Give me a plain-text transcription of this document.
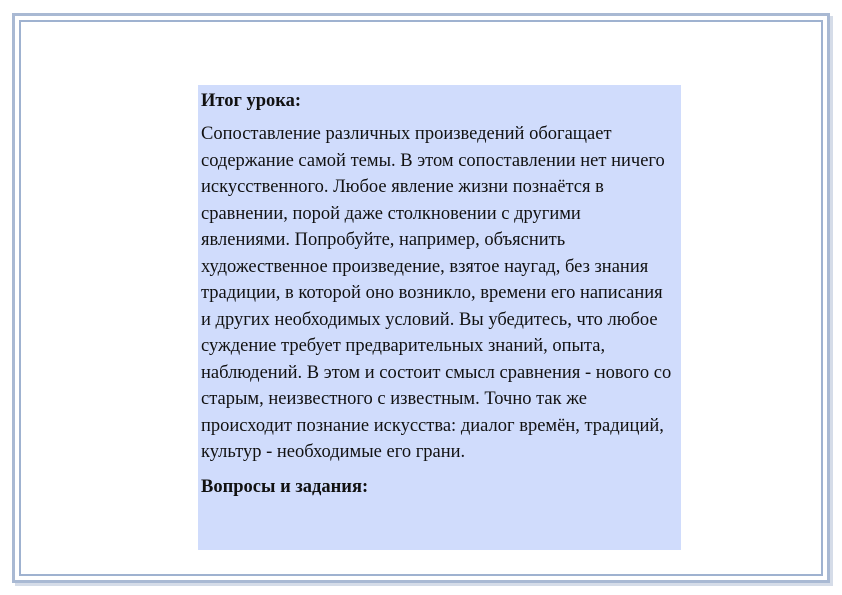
Итог урока:

Сопоставление различных произведений обогащает содержание самой темы. В этом сопоставлении нет ничего искусственного. Любое явление жизни познаётся в сравнении, порой даже столкновении с другими явлениями. Попробуйте, например, объяснить художественное произведение, взятое наугад, без знания традиции, в которой оно возникло, времени его написания и других необходимых условий. Вы убедитесь, что любое суждение требует предварительных знаний, опыта, наблюдений. В этом и состоит смысл сравнения - нового со старым, неизвестного с известным. Точно так же происходит познание искусства: диалог времён, традиций, культур - необходимые его грани.

Вопросы и задания:
